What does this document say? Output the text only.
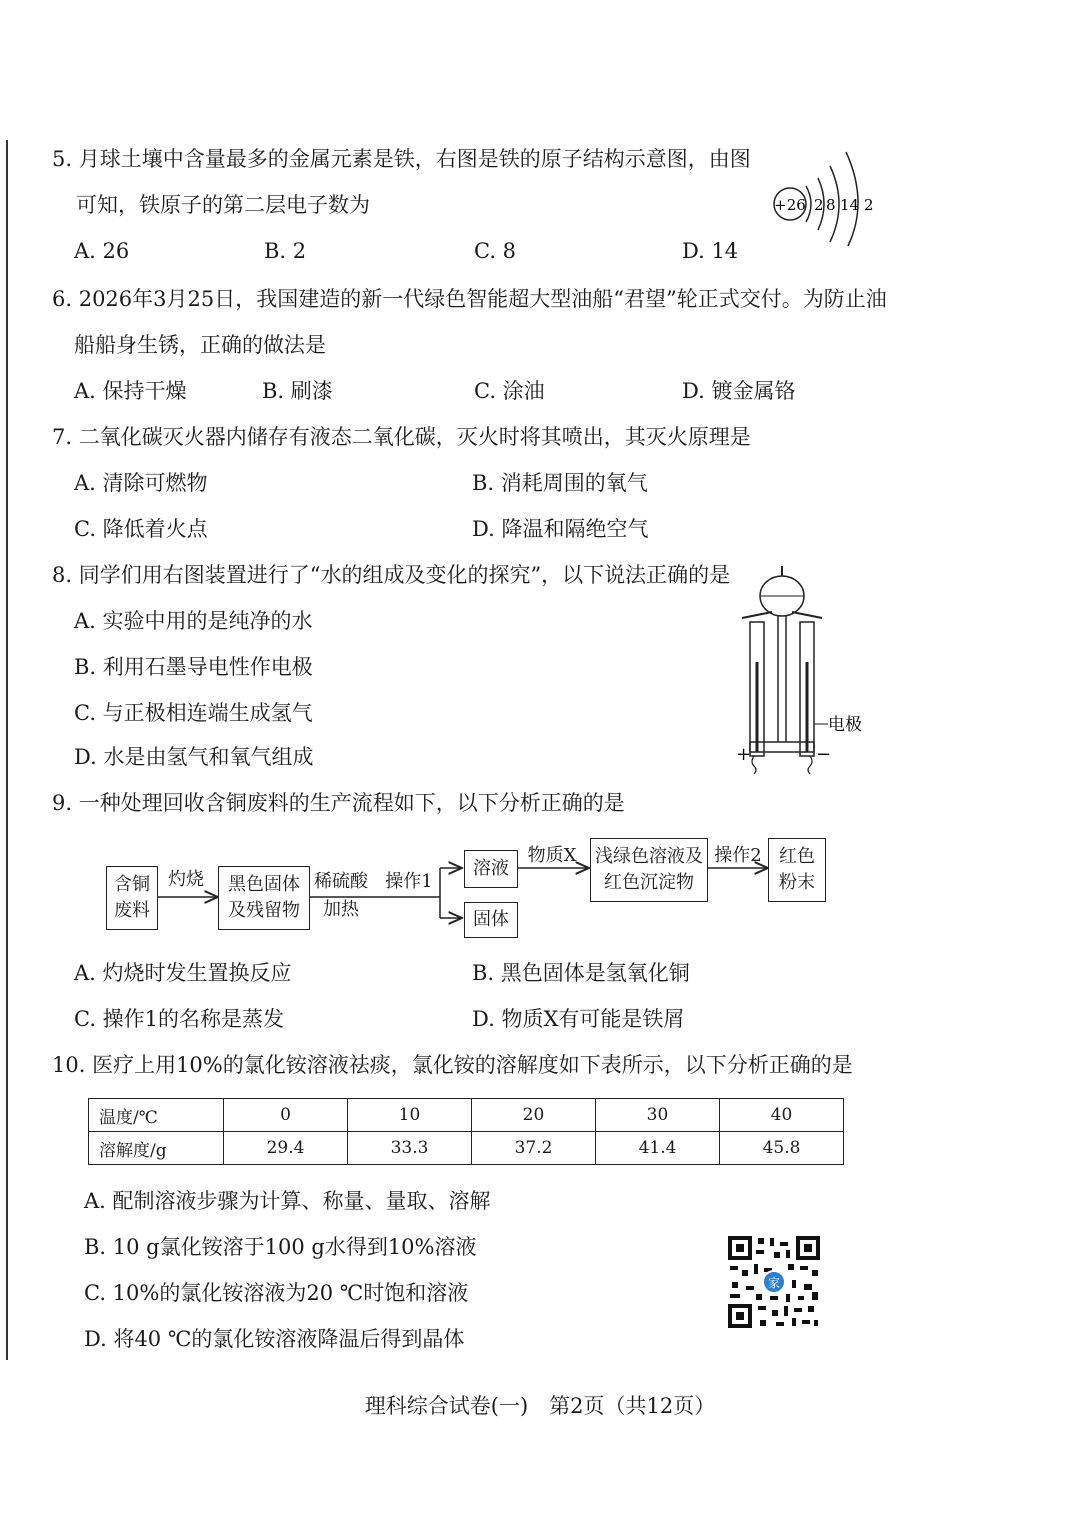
5. 月球土壤中含量最多的金属元素是铁，右图是铁的原子结构示意图，由图
可知，铁原子的第二层电子数为
A. 26	B. 2	C. 8	D. 14
+26 2 8 14 2
6. 2026年3月25日，我国建造的新一代绿色智能超大型油船“君望”轮正式交付。为防止油
船船身生锈，正确的做法是
A. 保持干燥	B. 刷漆	C. 涂油	D. 镀金属铬
7. 二氧化碳灭火器内储存有液态二氧化碳，灭火时将其喷出，其灭火原理是
A. 清除可燃物	B. 消耗周围的氧气
C. 降低着火点	D. 降温和隔绝空气
8. 同学们用右图装置进行了“水的组成及变化的探究”，以下说法正确的是
A. 实验中用的是纯净的水
B. 利用石墨导电性作电极
C. 与正极相连端生成氢气
D. 水是由氢气和氧气组成
电极
+	−
9. 一种处理回收含铜废料的生产流程如下，以下分析正确的是
含铜
废料
灼烧	黑色固体
及残留物
稀硫酸
加热
操作1
溶液
固体
物质X	浅绿色溶液及
红色沉淀物
操作2 红色
粉末
A. 灼烧时发生置换反应	B. 黑色固体是氢氧化铜
C. 操作1的名称是蒸发	D. 物质X有可能是铁屑
10. 医疗上用10%的氯化铵溶液祛痰，氯化铵的溶解度如下表所示，以下分析正确的是
温度/℃	0	10	20	30	40
溶解度/g	29.4	33.3	37.2	41.4	45.8
A. 配制溶液步骤为计算、称量、量取、溶解
B. 10 g氯化铵溶于100 g水得到10%溶液
C. 10%的氯化铵溶液为20 ℃时饱和溶液
D. 将40 ℃的氯化铵溶液降温后得到晶体
家
理科综合试卷(一)　第2页（共12页）
